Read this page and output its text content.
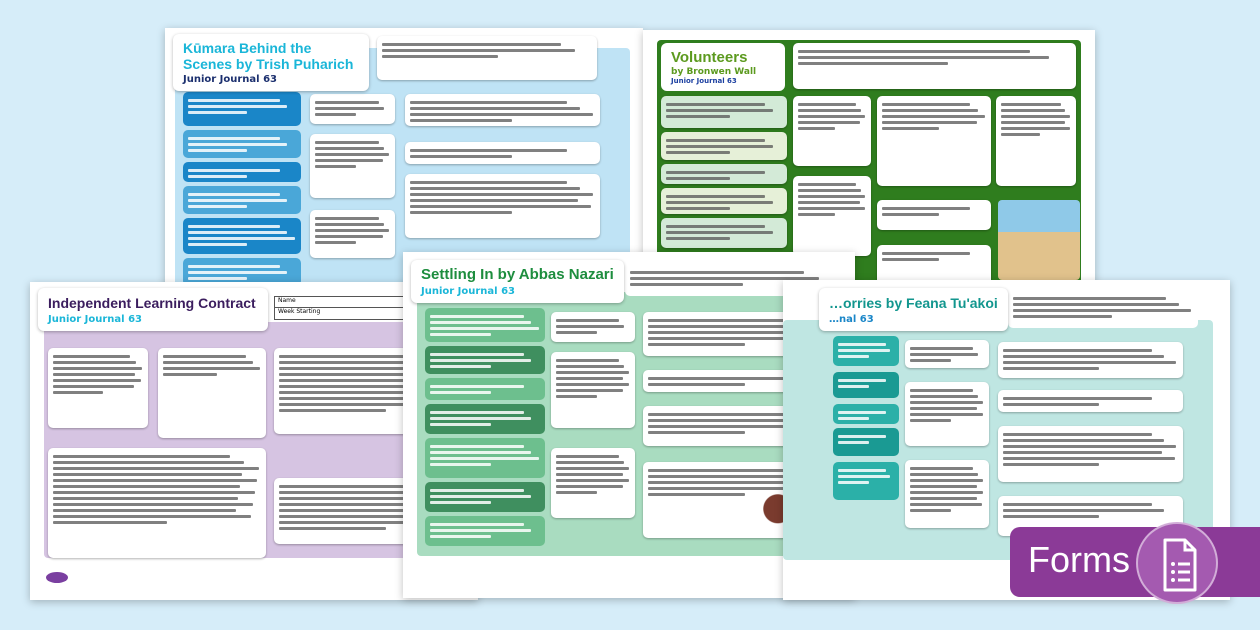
Kūmara Behind the Scenes by Trish Puharich
Junior Journal 63
Volunteers
by Bronwen Wall
Junior Journal 63
Independent Learning Contract
Junior Journal 63
Name
Week Starting
Settling In by Abbas Nazari
Junior Journal 63
…orries by Feana Tu'akoi
…nal 63
Forms
